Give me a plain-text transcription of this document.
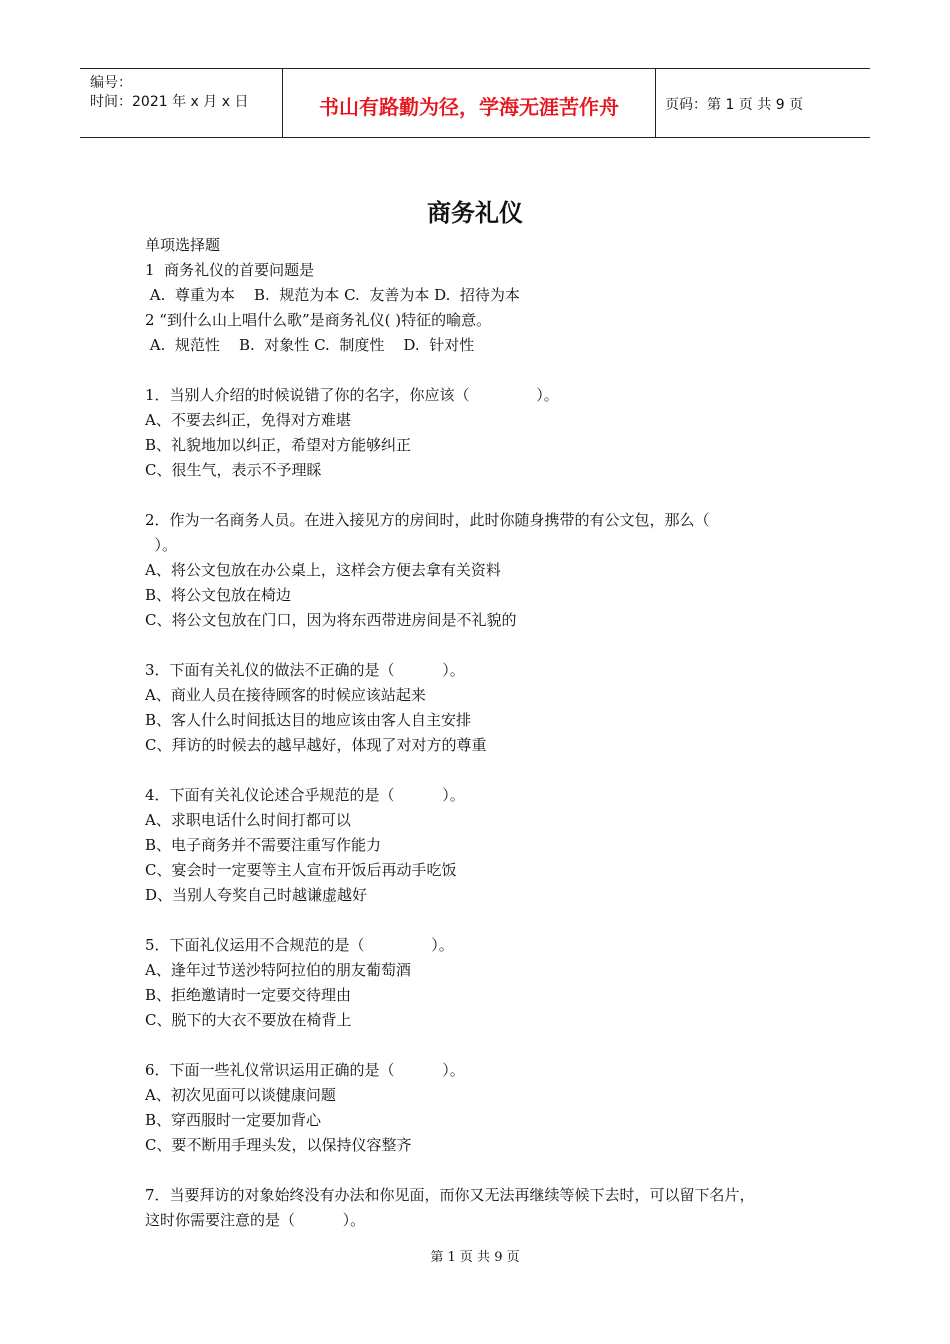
编号：
时间：2021 年 x 月 x 日	书山有路勤为径，学海无涯苦作舟	页码：第 1 页 共 9 页
商务礼仪
单项选择题
1  商务礼仪的首要问题是
A.  尊重为本    B.  规范为本 C.  友善为本 D.  招待为本
2 “到什么山上唱什么歌”是商务礼仪( )特征的喻意。
A.  规范性    B.  对象性 C.  制度性    D.  针对性
1．当别人介绍的时候说错了你的名字，你应该（              ）。
A、不要去纠正，免得对方难堪
B、礼貌地加以纠正，希望对方能够纠正
C、很生气，表示不予理睬
2．作为一名商务人员。在进入接见方的房间时，此时你随身携带的有公文包，那么（
）。
A、将公文包放在办公桌上，这样会方便去拿有关资料
B、将公文包放在椅边
C、将公文包放在门口，因为将东西带进房间是不礼貌的
3．下面有关礼仪的做法不正确的是（          ）。
A、商业人员在接待顾客的时候应该站起来
B、客人什么时间抵达目的地应该由客人自主安排
C、拜访的时候去的越早越好，体现了对对方的尊重
4．下面有关礼仪论述合乎规范的是（          ）。
A、求职电话什么时间打都可以
B、电子商务并不需要注重写作能力
C、宴会时一定要等主人宣布开饭后再动手吃饭
D、当别人夸奖自己时越谦虚越好
5．下面礼仪运用不合规范的是（              ）。
A、逢年过节送沙特阿拉伯的朋友葡萄酒
B、拒绝邀请时一定要交待理由
C、脱下的大衣不要放在椅背上
6．下面一些礼仪常识运用正确的是（          ）。
A、初次见面可以谈健康问题
B、穿西服时一定要加背心
C、要不断用手理头发，以保持仪容整齐
7．当要拜访的对象始终没有办法和你见面，而你又无法再继续等候下去时，可以留下名片，
这时你需要注意的是（          ）。
第 1 页 共 9 页
